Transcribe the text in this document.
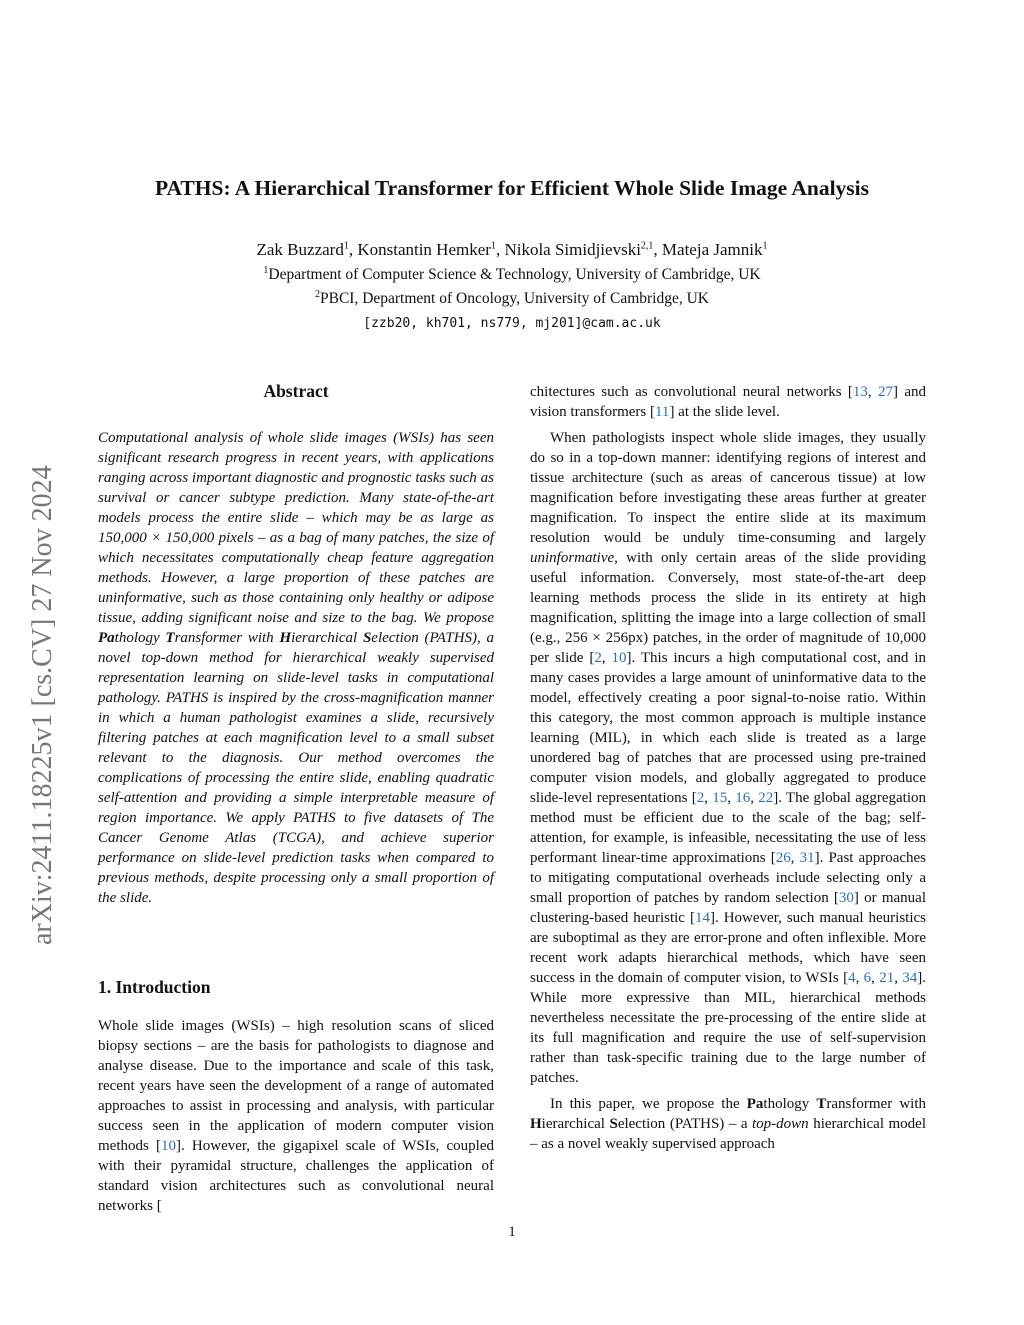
PATHS: A Hierarchical Transformer for Efficient Whole Slide Image Analysis
Zak Buzzard$^1$, Konstantin Hemker$^1$, Nikola Simidjievski$^{2,1}$, Mateja Jamnik$^1$
$^1$Department of Computer Science & Technology, University of Cambridge, UK
$^2$PBCI, Department of Oncology, University of Cambridge, UK
[zzb20, kh701, ns779, mj201]@cam.ac.uk
arXiv:2411.18225v1 [cs.CV] 27 Nov 2024
Abstract

Computational analysis of whole slide images (WSIs) has seen significant research progress in recent years, with applications ranging across important diagnostic and prognostic tasks such as survival or cancer subtype prediction. Many state-of-the-art models process the entire slide – which may be as large as 150,000 × 150,000 pixels – as a bag of many patches, the size of which necessitates computationally cheap feature aggregation methods. However, a large proportion of these patches are uninformative, such as those containing only healthy or adipose tissue, adding significant noise and size to the bag. We propose Pathology Transformer with Hierarchical Selection (PATHS), a novel top-down method for hierarchical weakly supervised representation learning on slide-level tasks in computational pathology. PATHS is inspired by the cross-magnification manner in which a human pathologist examines a slide, recursively filtering patches at each magnification level to a small subset relevant to the diagnosis. Our method overcomes the complications of processing the entire slide, enabling quadratic self-attention and providing a simple interpretable measure of region importance. We apply PATHS to five datasets of The Cancer Genome Atlas (TCGA), and achieve superior performance on slide-level prediction tasks when compared to previous methods, despite processing only a small proportion of the slide.

1. Introduction

Whole slide images (WSIs) – high resolution scans of sliced biopsy sections – are the basis for pathologists to diagnose and analyse disease. Due to the importance and scale of this task, recent years have seen the development of a range of automated approaches to assist in processing and analysis, with particular success seen in the application of modern computer vision methods [10]. However, the gigapixel scale of WSIs, coupled with their pyramidal structure, challenges the application of standard vision architectures such as convolutional neural networks [

chitectures such as convolutional neural networks [13, 27] and vision transformers [11] at the slide level.

When pathologists inspect whole slide images, they usually do so in a top-down manner: identifying regions of interest and tissue architecture (such as areas of cancerous tissue) at low magnification before investigating these areas further at greater magnification. To inspect the entire slide at its maximum resolution would be unduly time-consuming and largely uninformative, with only certain areas of the slide providing useful information. Conversely, most state-of-the-art deep learning methods process the slide in its entirety at high magnification, splitting the image into a large collection of small (e.g., 256 × 256px) patches, in the order of magnitude of 10,000 per slide [2, 10]. This incurs a high computational cost, and in many cases provides a large amount of uninformative data to the model, effectively creating a poor signal-to-noise ratio. Within this category, the most common approach is multiple instance learning (MIL), in which each slide is treated as a large unordered bag of patches that are processed using pre-trained computer vision models, and globally aggregated to produce slide-level representations [2, 15, 16, 22]. The global aggregation method must be efficient due to the scale of the bag; self-attention, for example, is infeasible, necessitating the use of less performant linear-time approximations [26, 31]. Past approaches to mitigating computational overheads include selecting only a small proportion of patches by random selection [30] or manual clustering-based heuristic [14]. However, such manual heuristics are suboptimal as they are error-prone and often inflexible. More recent work adapts hierarchical methods, which have seen success in the domain of computer vision, to WSIs [4, 6, 21, 34]. While more expressive than MIL, hierarchical methods nevertheless necessitate the pre-processing of the entire slide at its full magnification and require the use of self-supervision rather than task-specific training due to the large number of patches.

In this paper, we propose the Pathology Transformer with Hierarchical Selection (PATHS) – a top-down hierarchical model – as a novel weakly supervised approach

1
